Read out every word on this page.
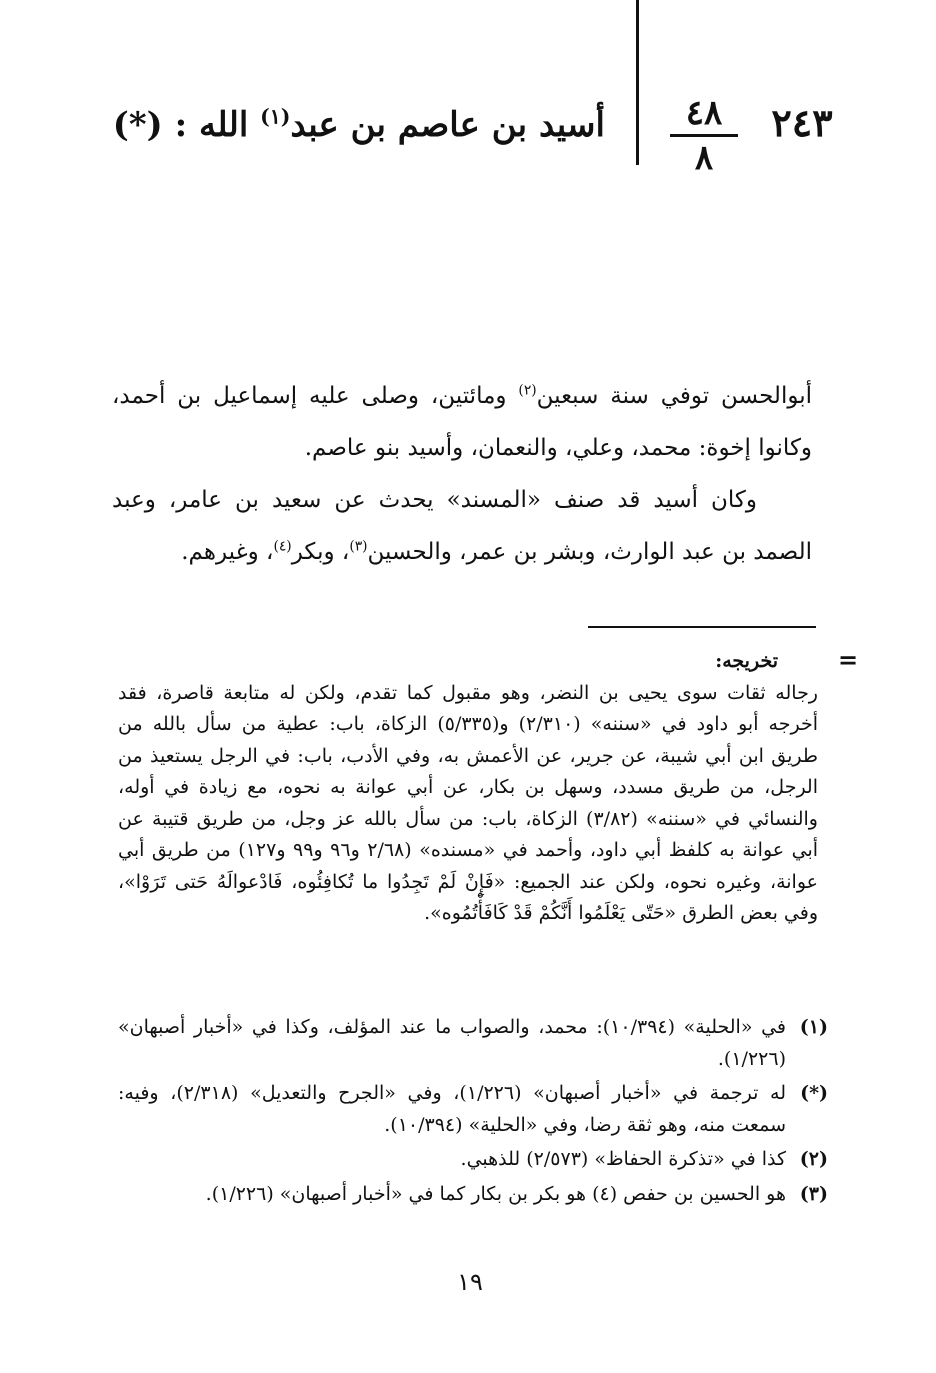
٢٤٣
٤٨
٨
أسيد بن عاصم بن عبد$^{(١)}$ الله : (*)

أبوالحسن توفي سنة سبعين$^{(٢)}$ ومائتين، وصلى عليه إسماعيل بن أحمد، وكانوا إخوة: محمد، وعلي، والنعمان، وأسيد بنو عاصم.

وكان أسيد قد صنف «المسند» يحدث عن سعيد بن عامر، وعبد الصمد بن عبد الوارث، وبشر بن عمر، والحسين$^{(٣)}$، وبكر$^{(٤)}$، وغيرهم.

=
تخريجه:
رجاله ثقات سوى يحيى بن النضر، وهو مقبول كما تقدم، ولكن له متابعة قاصرة، فقد أخرجه أبو داود في «سننه» (٢/٣١٠) و(٥/٣٣٥) الزكاة، باب: عطية من سأل بالله من طريق ابن أبي شيبة، عن جرير، عن الأعمش به، وفي الأدب، باب: في الرجل يستعيذ من الرجل، من طريق مسدد، وسهل بن بكار، عن أبي عوانة به نحوه، مع زيادة في أوله، والنسائي في «سننه» (٣/٨٢) الزكاة، باب: من سأل بالله عز وجل، من طريق قتيبة عن أبي عوانة به كلفظ أبي داود، وأحمد في «مسنده» (٢/٦٨ و٩٦ و٩٩ و١٢٧) من طريق أبي عوانة، وغيره نحوه، ولكن عند الجميع: «فَإِنْ لَمْ تَجِدُوا ما تُكافِئُوه، فَادْعوالَهُ حَتى تَرَوْا»، وفي بعض الطرق «حَتّى يَعْلَمُوا أَنَّكُمْ قَدْ كَافَأْتُمُوه».
(١)
في «الحلية» (١٠/٣٩٤): محمد، والصواب ما عند المؤلف، وكذا في «أخبار أصبهان» (١/٢٢٦).
(*)
له ترجمة في «أخبار أصبهان» (١/٢٢٦)، وفي «الجرح والتعديل» (٢/٣١٨)، وفيه: سمعت منه، وهو ثقة رضا، وفي «الحلية» (١٠/٣٩٤).
(٢)
كذا في «تذكرة الحفاظ» (٢/٥٧٣) للذهبي.
(٣)
هو الحسين بن حفص (٤) هو بكر بن بكار كما في «أخبار أصبهان» (١/٢٢٦).
١٩
